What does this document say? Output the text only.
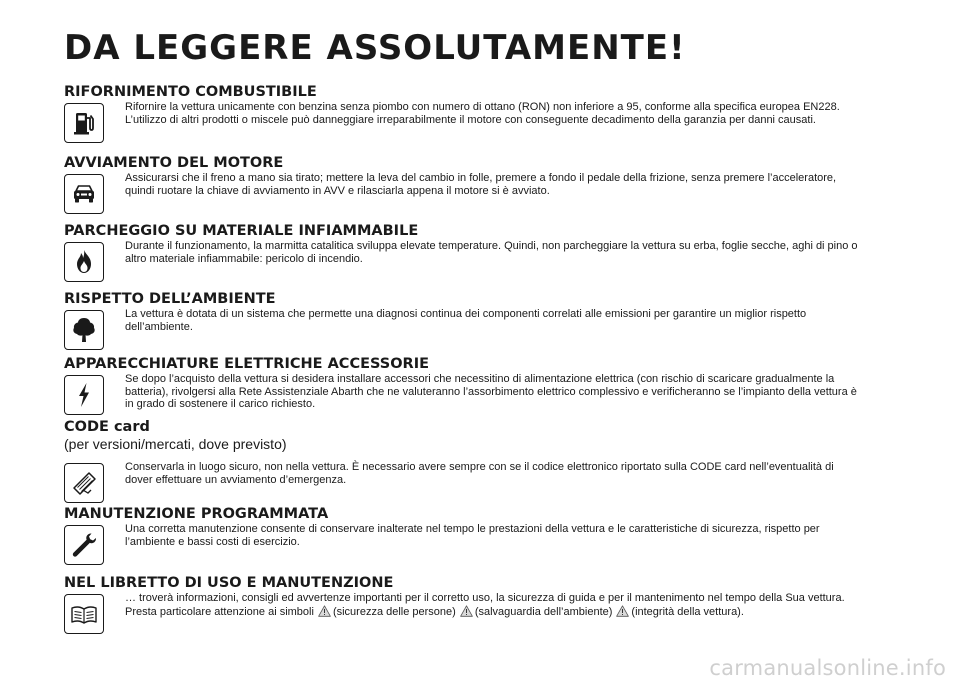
DA LEGGERE ASSOLUTAMENTE!
RIFORNIMENTO COMBUSTIBILE

Rifornire la vettura unicamente con benzina senza piombo con numero di ottano (RON) non inferiore a 95, conforme alla specifica europea EN228. L’utilizzo di altri prodotti o miscele può danneggiare irreparabilmente il motore con conseguente decadimento della garanzia per danni causati.

AVVIAMENTO DEL MOTORE

Assicurarsi che il freno a mano sia tirato; mettere la leva del cambio in folle, premere a fondo il pedale della frizione, senza premere l’acceleratore, quindi ruotare la chiave di avviamento in AVV e rilasciarla appena il motore si è avviato.

PARCHEGGIO SU MATERIALE INFIAMMABILE

Durante il funzionamento, la marmitta catalitica sviluppa elevate temperature. Quindi, non parcheggiare la vettura su erba, foglie secche, aghi di pino o altro materiale infiammabile: pericolo di incendio.

RISPETTO DELL’AMBIENTE

La vettura è dotata di un sistema che permette una diagnosi continua dei componenti correlati alle emissioni per garantire un miglior rispetto dell’ambiente.

APPARECCHIATURE ELETTRICHE ACCESSORIE

Se dopo l’acquisto della vettura si desidera installare accessori che necessitino di alimentazione elettrica (con rischio di scaricare gradualmente la batteria), rivolgersi alla Rete Assistenziale Abarth che ne valuteranno l’assorbimento elettrico complessivo e verificheranno se l’impianto della vettura è in grado di sostenere il carico richiesto.

CODE card

(per versioni/mercati, dove previsto)

Conservarla in luogo sicuro, non nella vettura. È necessario avere sempre con se il codice elettronico riportato sulla CODE card nell’eventualità di dover effettuare un avviamento d’emergenza.

MANUTENZIONE PROGRAMMATA

Una corretta manutenzione consente di conservare inalterate nel tempo le prestazioni della vettura e le caratteristiche di sicurezza, rispetto per l’ambiente e bassi costi di esercizio.

NEL LIBRETTO DI USO E MANUTENZIONE

… troverà informazioni, consigli ed avvertenze importanti per il corretto uso, la sicurezza di guida e per il mantenimento nel tempo della Sua vettura. Presta particolare attenzione ai simboli (sicurezza delle persone) (salvaguardia dell’ambiente) (integrità della vettura).

carmanualsonline.info
